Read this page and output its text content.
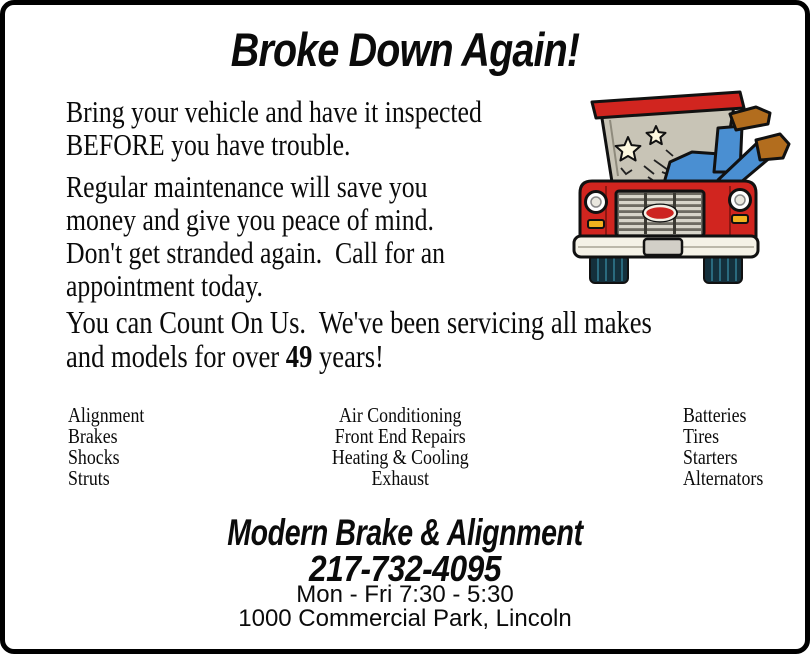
Broke Down Again!
Bring your vehicle and have it inspected
BEFORE you have trouble.
Regular maintenance will save you
money and give you peace of mind.
Don't get stranded again.  Call for an
appointment today.
You can Count On Us.  We've been servicing all makes
and models for over 49 years!
Alignment
Brakes
Shocks
Struts
Air Conditioning
Front End Repairs
Heating & Cooling
Exhaust
Batteries
Tires
Starters
Alternators
Modern Brake & Alignment
217-732-4095
Mon - Fri 7:30 - 5:30
1000 Commercial Park, Lincoln
